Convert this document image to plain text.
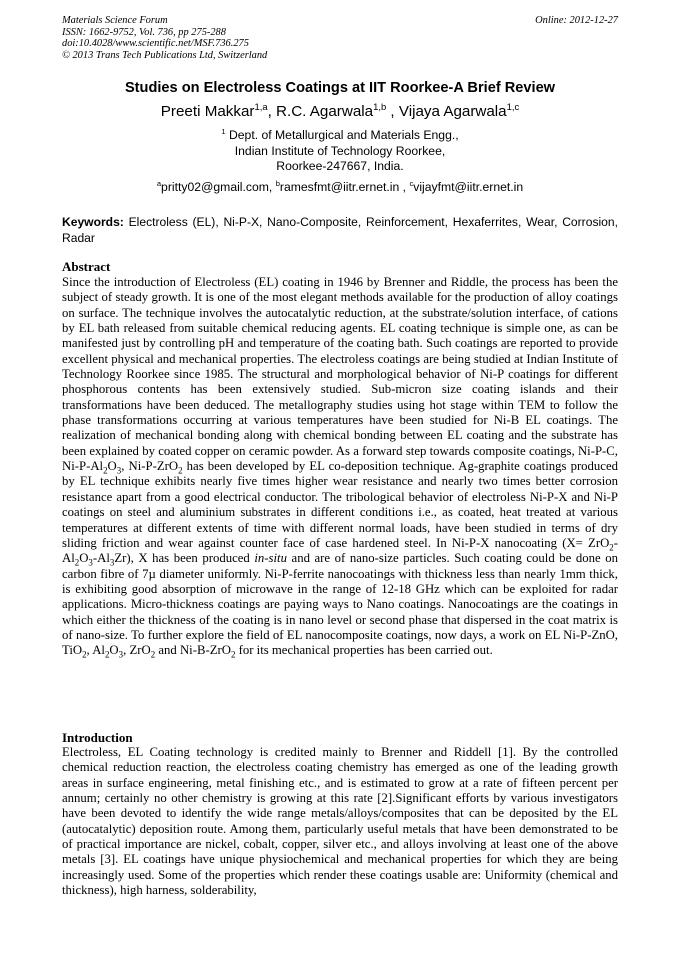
Materials Science Forum
ISSN: 1662-9752, Vol. 736, pp 275-288
doi:10.4028/www.scientific.net/MSF.736.275
© 2013 Trans Tech Publications Ltd, Switzerland
Online: 2012-12-27
Studies on Electroless Coatings at IIT Roorkee-A Brief Review
Preeti Makkar$^{1,a}$, R.C. Agarwala$^{1,b}$ , Vijaya Agarwala$^{1,c}$
$^1$ Dept. of Metallurgical and Materials Engg.,
Indian Institute of Technology Roorkee,
Roorkee-247667, India.
$^a$pritty02@gmail.com, $^b$ramesfmt@iitr.ernet.in , $^c$vijayfmt@iitr.ernet.in
Keywords: Electroless (EL), Ni-P-X, Nano-Composite, Reinforcement, Hexaferrites, Wear, Corrosion, Radar
Abstract
Since the introduction of Electroless (EL) coating in 1946 by Brenner and Riddle, the process has been the subject of steady growth. It is one of the most elegant methods available for the production of alloy coatings on surface. The technique involves the autocatalytic reduction, at the substrate/solution interface, of cations by EL bath released from suitable chemical reducing agents. EL coating technique is simple one, as can be manifested just by controlling pH and temperature of the coating bath. Such coatings are reported to provide excellent physical and mechanical properties. The electroless coatings are being studied at Indian Institute of Technology Roorkee since 1985. The structural and morphological behavior of Ni-P coatings for different phosphorous contents has been extensively studied. Sub-micron size coating islands and their transformations have been deduced. The metallography studies using hot stage within TEM to follow the phase transformations occurring at various temperatures have been studied for Ni-B EL coatings. The realization of mechanical bonding along with chemical bonding between EL coating and the substrate has been explained by coated copper on ceramic powder. As a forward step towards composite coatings, Ni-P-C, $Ni-P-Al_2O_3$, Ni-P-ZrO$_2$ has been developed by EL co-deposition technique. Ag-graphite coatings produced by EL technique exhibits nearly five times higher wear resistance and nearly two times better corrosion resistance apart from a good electrical conductor. The tribological behavior of electroless Ni-P-X and Ni-P coatings on steel and aluminium substrates in different conditions i.e., as coated, heat treated at various temperatures at different extents of time with different normal loads, have been studied in terms of dry sliding friction and wear against counter face of case hardened steel. In Ni-P-X nanocoating $(X= ZrO_2-Al_2O_3-Al_3Zr)$, X has been produced in-situ and are of nano-size particles. Such coating could be done on carbon fibre of 7µ diameter uniformly. Ni-P-ferrite nanocoatings with thickness less than nearly 1mm thick, is exhibiting good absorption of microwave in the range of 12-18 GHz which can be exploited for radar applications. Micro-thickness coatings are paying ways to Nano coatings. Nanocoatings are the coatings in which either the thickness of the coating is in nano level or second phase that dispersed in the coat matrix is of nano-size. To further explore the field of EL nanocomposite coatings, now days, a work on EL Ni-P-ZnO, TiO$_2$, $Al_2O_3$, ZrO$_2$ and Ni-B-ZrO$_2$ for its mechanical properties has been carried out.
Introduction
Electroless, EL Coating technology is credited mainly to Brenner and Riddell [1]. By the controlled chemical reduction reaction, the electroless coating chemistry has emerged as one of the leading growth areas in surface engineering, metal finishing etc., and is estimated to grow at a rate of fifteen percent per annum; certainly no other chemistry is growing at this rate [2].Significant efforts by various investigators have been devoted to identify the wide range metals/alloys/composites that can be deposited by the EL (autocatalytic) deposition route. Among them, particularly useful metals that have been demonstrated to be of practical importance are nickel, cobalt, copper, silver etc., and alloys involving at least one of the above metals [3]. EL coatings have unique physiochemical and mechanical properties for which they are being increasingly used. Some of the properties which render these coatings usable are: Uniformity (chemical and thickness), high harness, solderability,
